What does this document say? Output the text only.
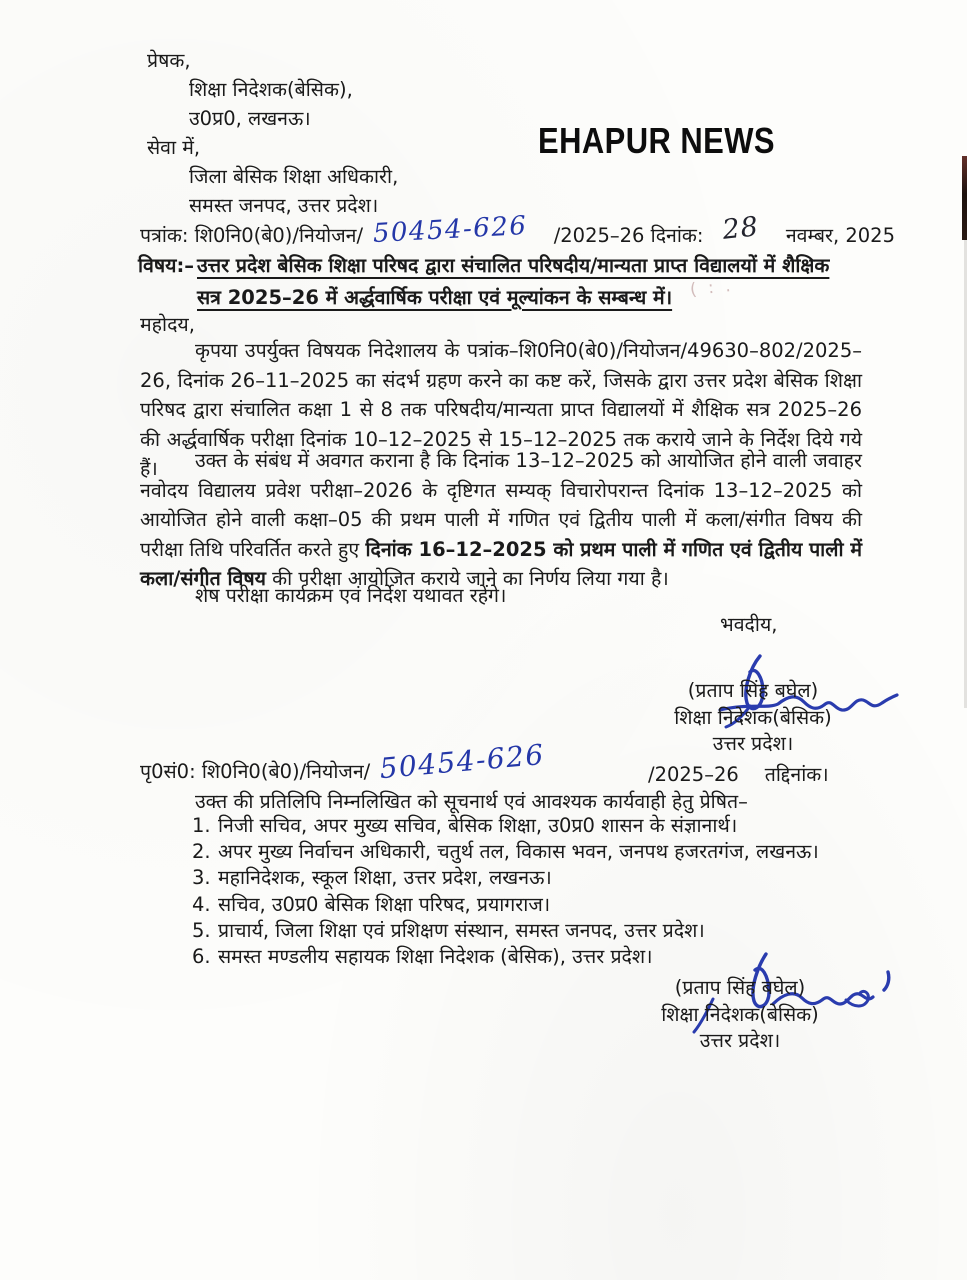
EHAPUR NEWS

प्रेषक,

शिक्षा निदेशक(बेसिक),

उ0प्र0, लखनऊ।

सेवा में,

जिला बेसिक शिक्षा अधिकारी,

समस्त जनपद, उत्तर प्रदेश।

पत्रांक: शि0नि0(बे0)/नियोजन/ 50454-626 /2025–26 दिनांक: 28 नवम्बर, 2025
विषय:– उत्तर प्रदेश बेसिक शिक्षा परिषद द्वारा संचालित परिषदीय/मान्यता प्राप्त विद्यालयों में शैक्षिक
सत्र 2025–26 में अर्द्धवार्षिक परीक्षा एवं मूल्यांकन के सम्बन्ध में। ( : .
महोदय,

कृपया उपर्युक्त विषयक निदेशालय के पत्रांक–शि0नि0(बे0)/नियोजन/49630–802/2025–26, दिनांक 26–11–2025 का संदर्भ ग्रहण करने का कष्ट करें, जिसके द्वारा उत्तर प्रदेश बेसिक शिक्षा परिषद द्वारा संचालित कक्षा 1 से 8 तक परिषदीय/मान्यता प्राप्त विद्यालयों में शैक्षिक सत्र 2025–26 की अर्द्धवार्षिक परीक्षा दिनांक 10–12–2025 से 15–12–2025 तक कराये जाने के निर्देश दिये गये हैं।	उक्त के संबंध में अवगत कराना है कि दिनांक 13–12–2025 को आयोजित होने वाली जवाहर नवोदय विद्यालय प्रवेश परीक्षा–2026 के दृष्टिगत सम्यक् विचारोपरान्त दिनांक 13–12–2025 को आयोजित होने वाली कक्षा–05 की प्रथम पाली में गणित एवं द्वितीय पाली में कला/संगीत विषय की परीक्षा तिथि परिवर्तित करते हुए दिनांक 16–12–2025 को प्रथम पाली में गणित एवं द्वितीय पाली में कला/संगीत विषय की परीक्षा आयोजित कराये जाने का निर्णय लिया गया है।

शेष परीक्षा कार्यक्रम एवं निर्देश यथावत रहेंगे।

भवदीय,

(प्रताप सिंह बघेल)

शिक्षा निदेशक(बेसिक)

उत्तर प्रदेश।

पृ0सं0: शि0नि0(बे0)/नियोजन/ 50454-626	/2025–26 तद्दिनांक।
उक्त की प्रतिलिपि निम्नलिखित को सूचनार्थ एवं आवश्यक कार्यवाही हेतु प्रेषित–
1. निजी सचिव, अपर मुख्य सचिव, बेसिक शिक्षा, उ0प्र0 शासन के संज्ञानार्थ।
2. अपर मुख्य निर्वाचन अधिकारी, चतुर्थ तल, विकास भवन, जनपथ हजरतगंज, लखनऊ।
3. महानिदेशक, स्कूल शिक्षा, उत्तर प्रदेश, लखनऊ।
4. सचिव, उ0प्र0 बेसिक शिक्षा परिषद, प्रयागराज।
5. प्राचार्य, जिला शिक्षा एवं प्रशिक्षण संस्थान, समस्त जनपद, उत्तर प्रदेश।
6. समस्त मण्डलीय सहायक शिक्षा निदेशक (बेसिक), उत्तर प्रदेश।

(प्रताप सिंह बघेल)

शिक्षा निदेशक(बेसिक)

उत्तर प्रदेश।
